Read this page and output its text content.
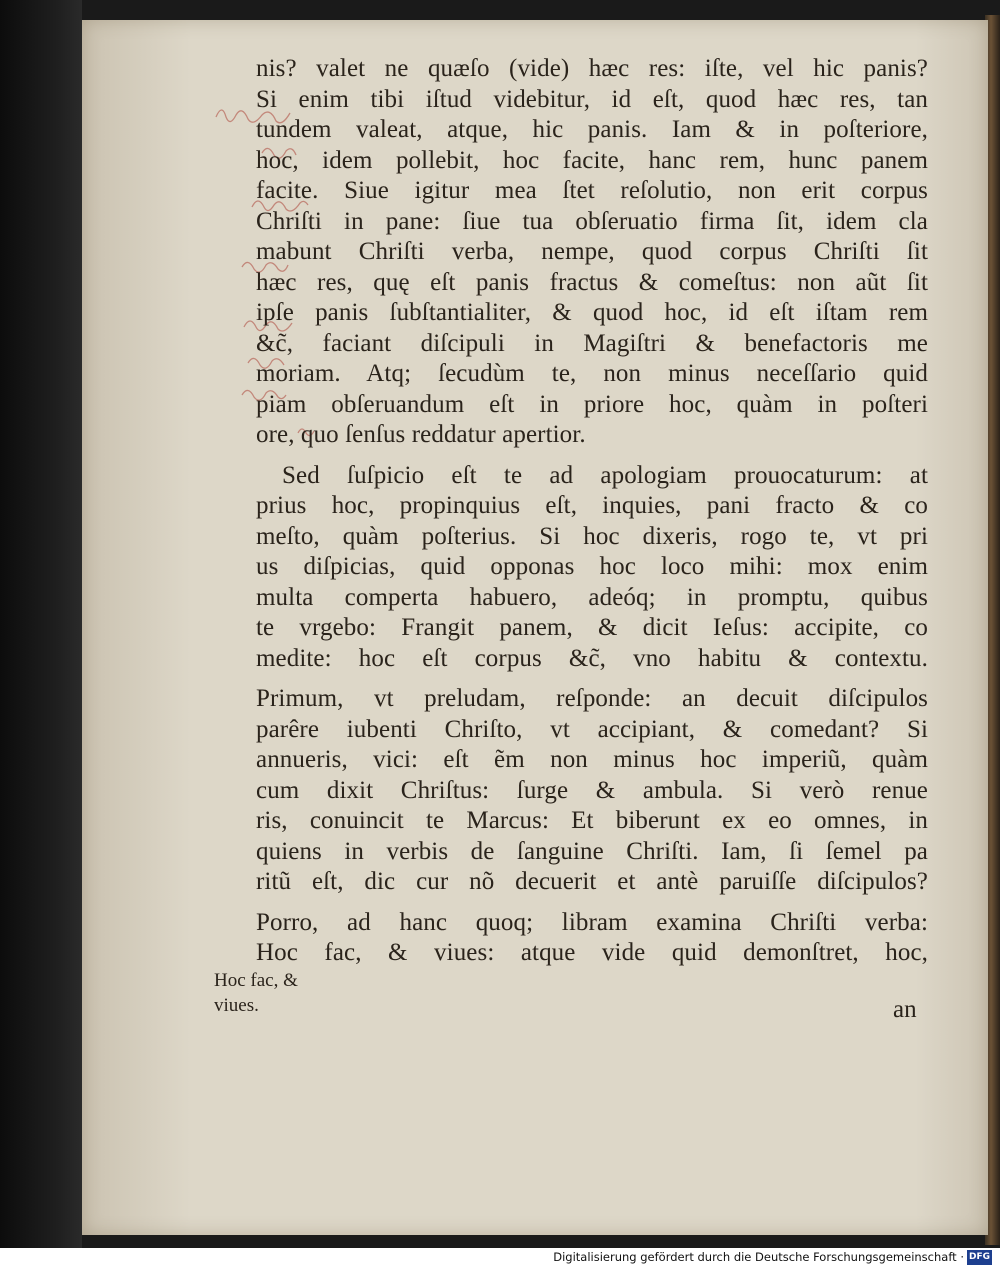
nis? valet ne quæſo (vide) hæc res: iſte, vel hic panis?
Si enim tibi iſtud videbitur, id eſt, quod hæc res, tan
tundem valeat, atque, hic panis. Iam & in poſteriore,
hoc, idem pollebit, hoc facite, hanc rem, hunc panem
facite. Siue igitur mea ſtet reſolutio, non erit corpus
Chriſti in pane: ſiue tua obſeruatio firma ſit, idem cla
mabunt Chriſti verba, nempe, quod corpus Chriſti ſit
hæc res, quę eſt panis fractus & comeſtus: non aũt ſit
ipſe panis ſubſtantialiter, & quod hoc, id eſt iſtam rem
&c̃, faciant diſcipuli in Magiſtri & benefactoris me
moriam. Atq; ſecudùm te, non minus neceſſario quid
piam obſeruandum eſt in priore hoc, quàm in poſteri
ore, quo ſenſus reddatur apertior.
Sed ſuſpicio eſt te ad apologiam prouocaturum: at
prius hoc, propinquius eſt, inquies, pani fracto & co
meſto, quàm poſterius. Si hoc dixeris, rogo te, vt pri
us diſpicias, quid opponas hoc loco mihi: mox enim
multa comperta habuero, adeóq; in promptu, quibus
te vrgebo: Frangit panem, & dicit Ieſus: accipite, co
medite: hoc eſt corpus &c̃, vno habitu & contextu.
Primum, vt preludam, reſponde: an decuit diſcipulos
parêre iubenti Chriſto, vt accipiant, & comedant? Si
annueris, vici: eſt ẽm non minus hoc imperiũ, quàm
cum dixit Chriſtus: ſurge & ambula. Si verò renue
ris, conuincit te Marcus: Et biberunt ex eo omnes, in
quiens in verbis de ſanguine Chriſti. Iam, ſi ſemel pa
ritũ eſt, dic cur nõ decuerit et antè paruiſſe diſcipulos?
Porro, ad hanc quoq; libram examina Chriſti verba:
Hoc fac, & viues: atque vide quid demonſtret, hoc,
Hoc fac, &
viues.	an
Digitalisierung gefördert durch die Deutsche Forschungsgemeinschaft · DFG
